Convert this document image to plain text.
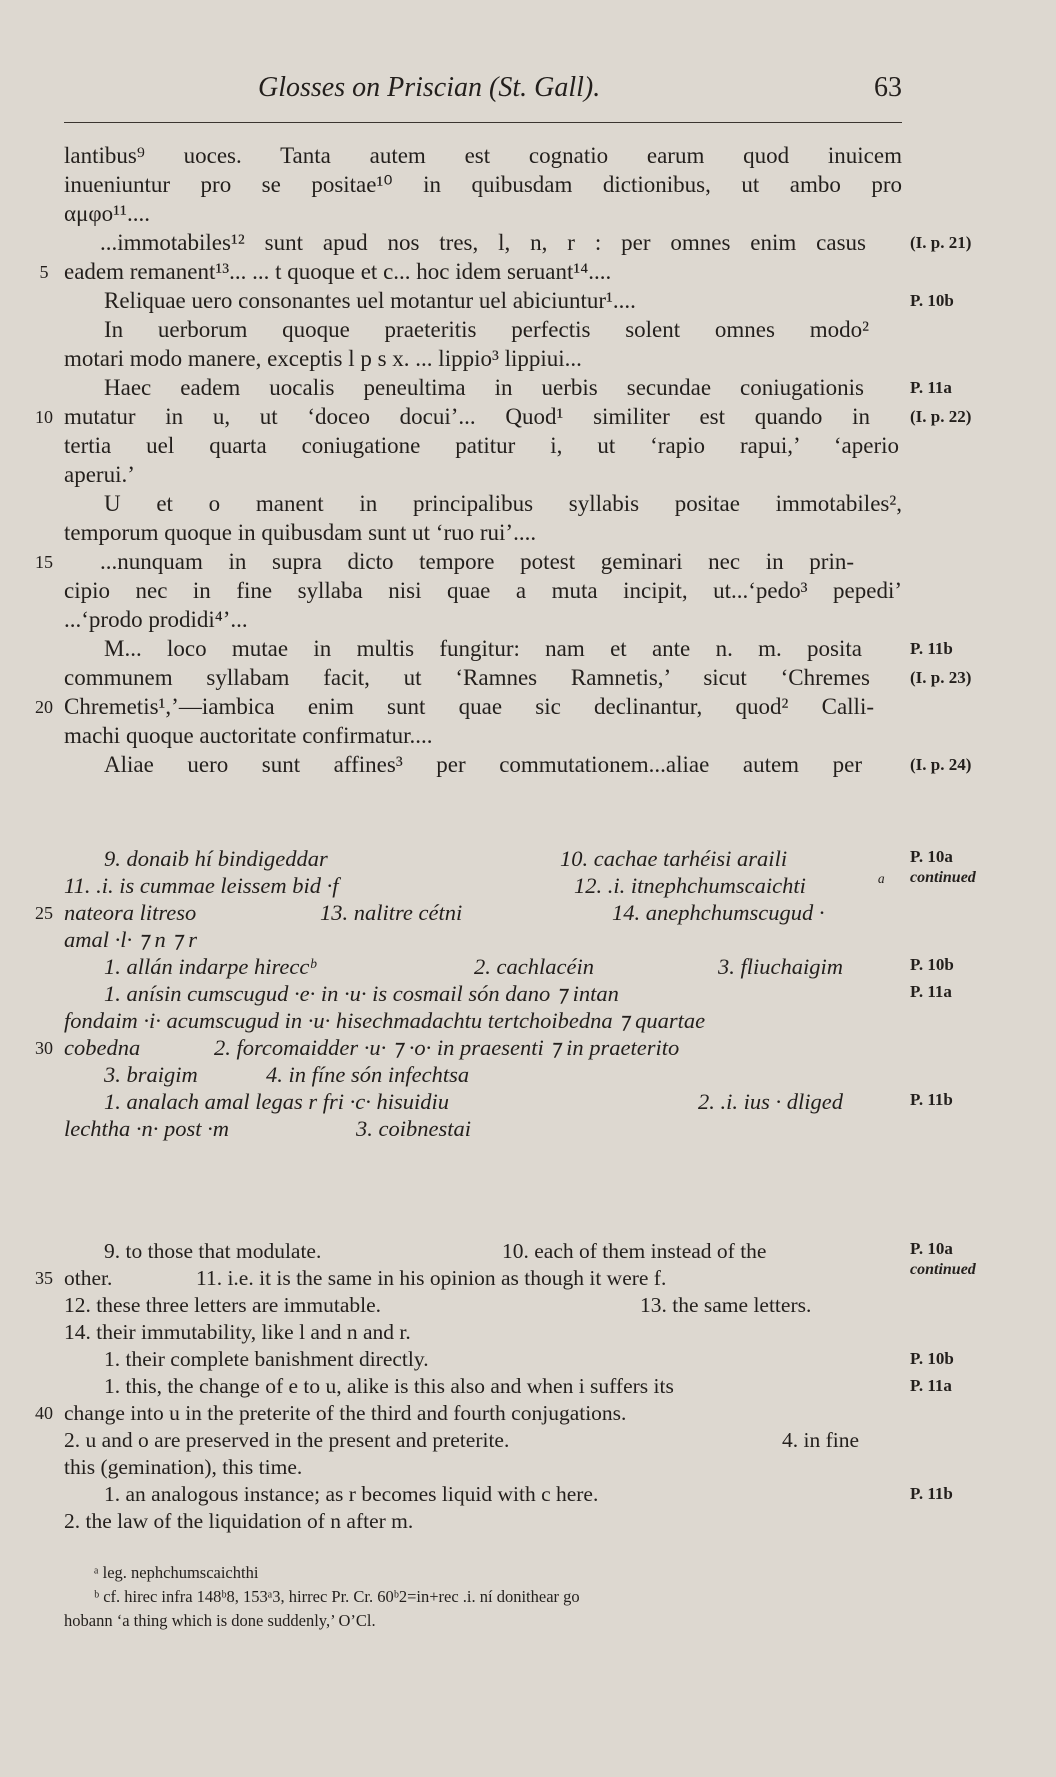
Glosses on Priscian (St. Gall).	63
lantibus⁹ uoces. Tanta autem est cognatio earum quod inuicem
inueniuntur pro se positae¹⁰ in quibusdam dictionibus, ut ambo pro
αμφο¹¹....
...immotabiles¹² sunt apud nos tres, l, n, r : per omnes enim casus
eadem remanent¹³... ... t quoque et c... hoc idem seruant¹⁴....
Reliquae uero consonantes uel motantur uel abiciuntur¹....
In uerborum quoque praeteritis perfectis solent omnes modo²
motari modo manere, exceptis l p s x. ... lippio³ lippiui...
Haec eadem uocalis peneultima in uerbis secundae coniugationis
mutatur in u, ut ‘doceo docui’... Quod¹ similiter est quando in
tertia uel quarta coniugatione patitur i, ut ‘rapio rapui,’ ‘aperio
aperui.’
U et o manent in principalibus syllabis positae immotabiles²,
temporum quoque in quibusdam sunt ut ‘ruo rui’....
...nunquam in supra dicto tempore potest geminari nec in prin-
cipio nec in fine syllaba nisi quae a muta incipit, ut...‘pedo³ pepedi’
...‘prodo prodidi⁴’...
M... loco mutae in multis fungitur: nam et ante n. m. posita
communem syllabam facit, ut ‘Ramnes Ramnetis,’ sicut ‘Chremes
Chremetis¹,’—iambica enim sunt quae sic declinantur, quod² Calli-
machi quoque auctoritate confirmatur....
Aliae uero sunt affines³ per commutationem...aliae autem per
9. donaib hí bindigeddar	10. cachae tarhéisi araili
11. .i. is cummae leissem bid ·f	12. .i. itnephchumscaichti	ᵃ
nateora litreso	13. nalitre cétni	14. anephchumscugud ·
amal ·l· ⁊ n ⁊ r
1. allán indarpe hireccᵇ	2. cachlacéin	3. fliuchaigim
1. anísin cumscugud ·e· in ·u· is cosmail són dano ⁊ intan
fondaim ·i· acumscugud in ·u· hisechmadachtu tertchoibedna ⁊ quartae
cobedna	2. forcomaidder ·u· ⁊ ·o· in praesenti ⁊ in praeterito
3. braigim	4. in fíne són infechtsa
1. analach amal legas r fri ·c· hisuidiu	2. .i. ius · dliged
lechtha ·n· post ·m	3. coibnestai
9. to those that modulate.	10. each of them instead of the
other.	11. i.e. it is the same in his opinion as though it were f.
12. these three letters are immutable.	13. the same letters.
14. their immutability, like l and n and r.
1. their complete banishment directly.
1. this, the change of e to u, alike is this also and when i suffers its
change into u in the preterite of the third and fourth conjugations.
2. u and o are preserved in the present and preterite.	4. in fine
this (gemination), this time.
1. an analogous instance; as r becomes liquid with c here.
2. the law of the liquidation of n after m.
5
10
15
20
25
30
35
40
(I. p. 21)
P. 10b
P. 11a
(I. p. 22)
P. 11b
(I. p. 23)
(I. p. 24)
P. 10a
continued
P. 10b
P. 11a
P. 11b
P. 10a
continued
P. 10b
P. 11a
P. 11b
ᵃ leg. nephchumscaichthi
ᵇ cf. hirec infra 148ᵇ8, 153ᵃ3, hirrec Pr. Cr. 60ᵇ2=in+rec .i. ní donithear go
hobann ‘a thing which is done suddenly,’ O’Cl.
